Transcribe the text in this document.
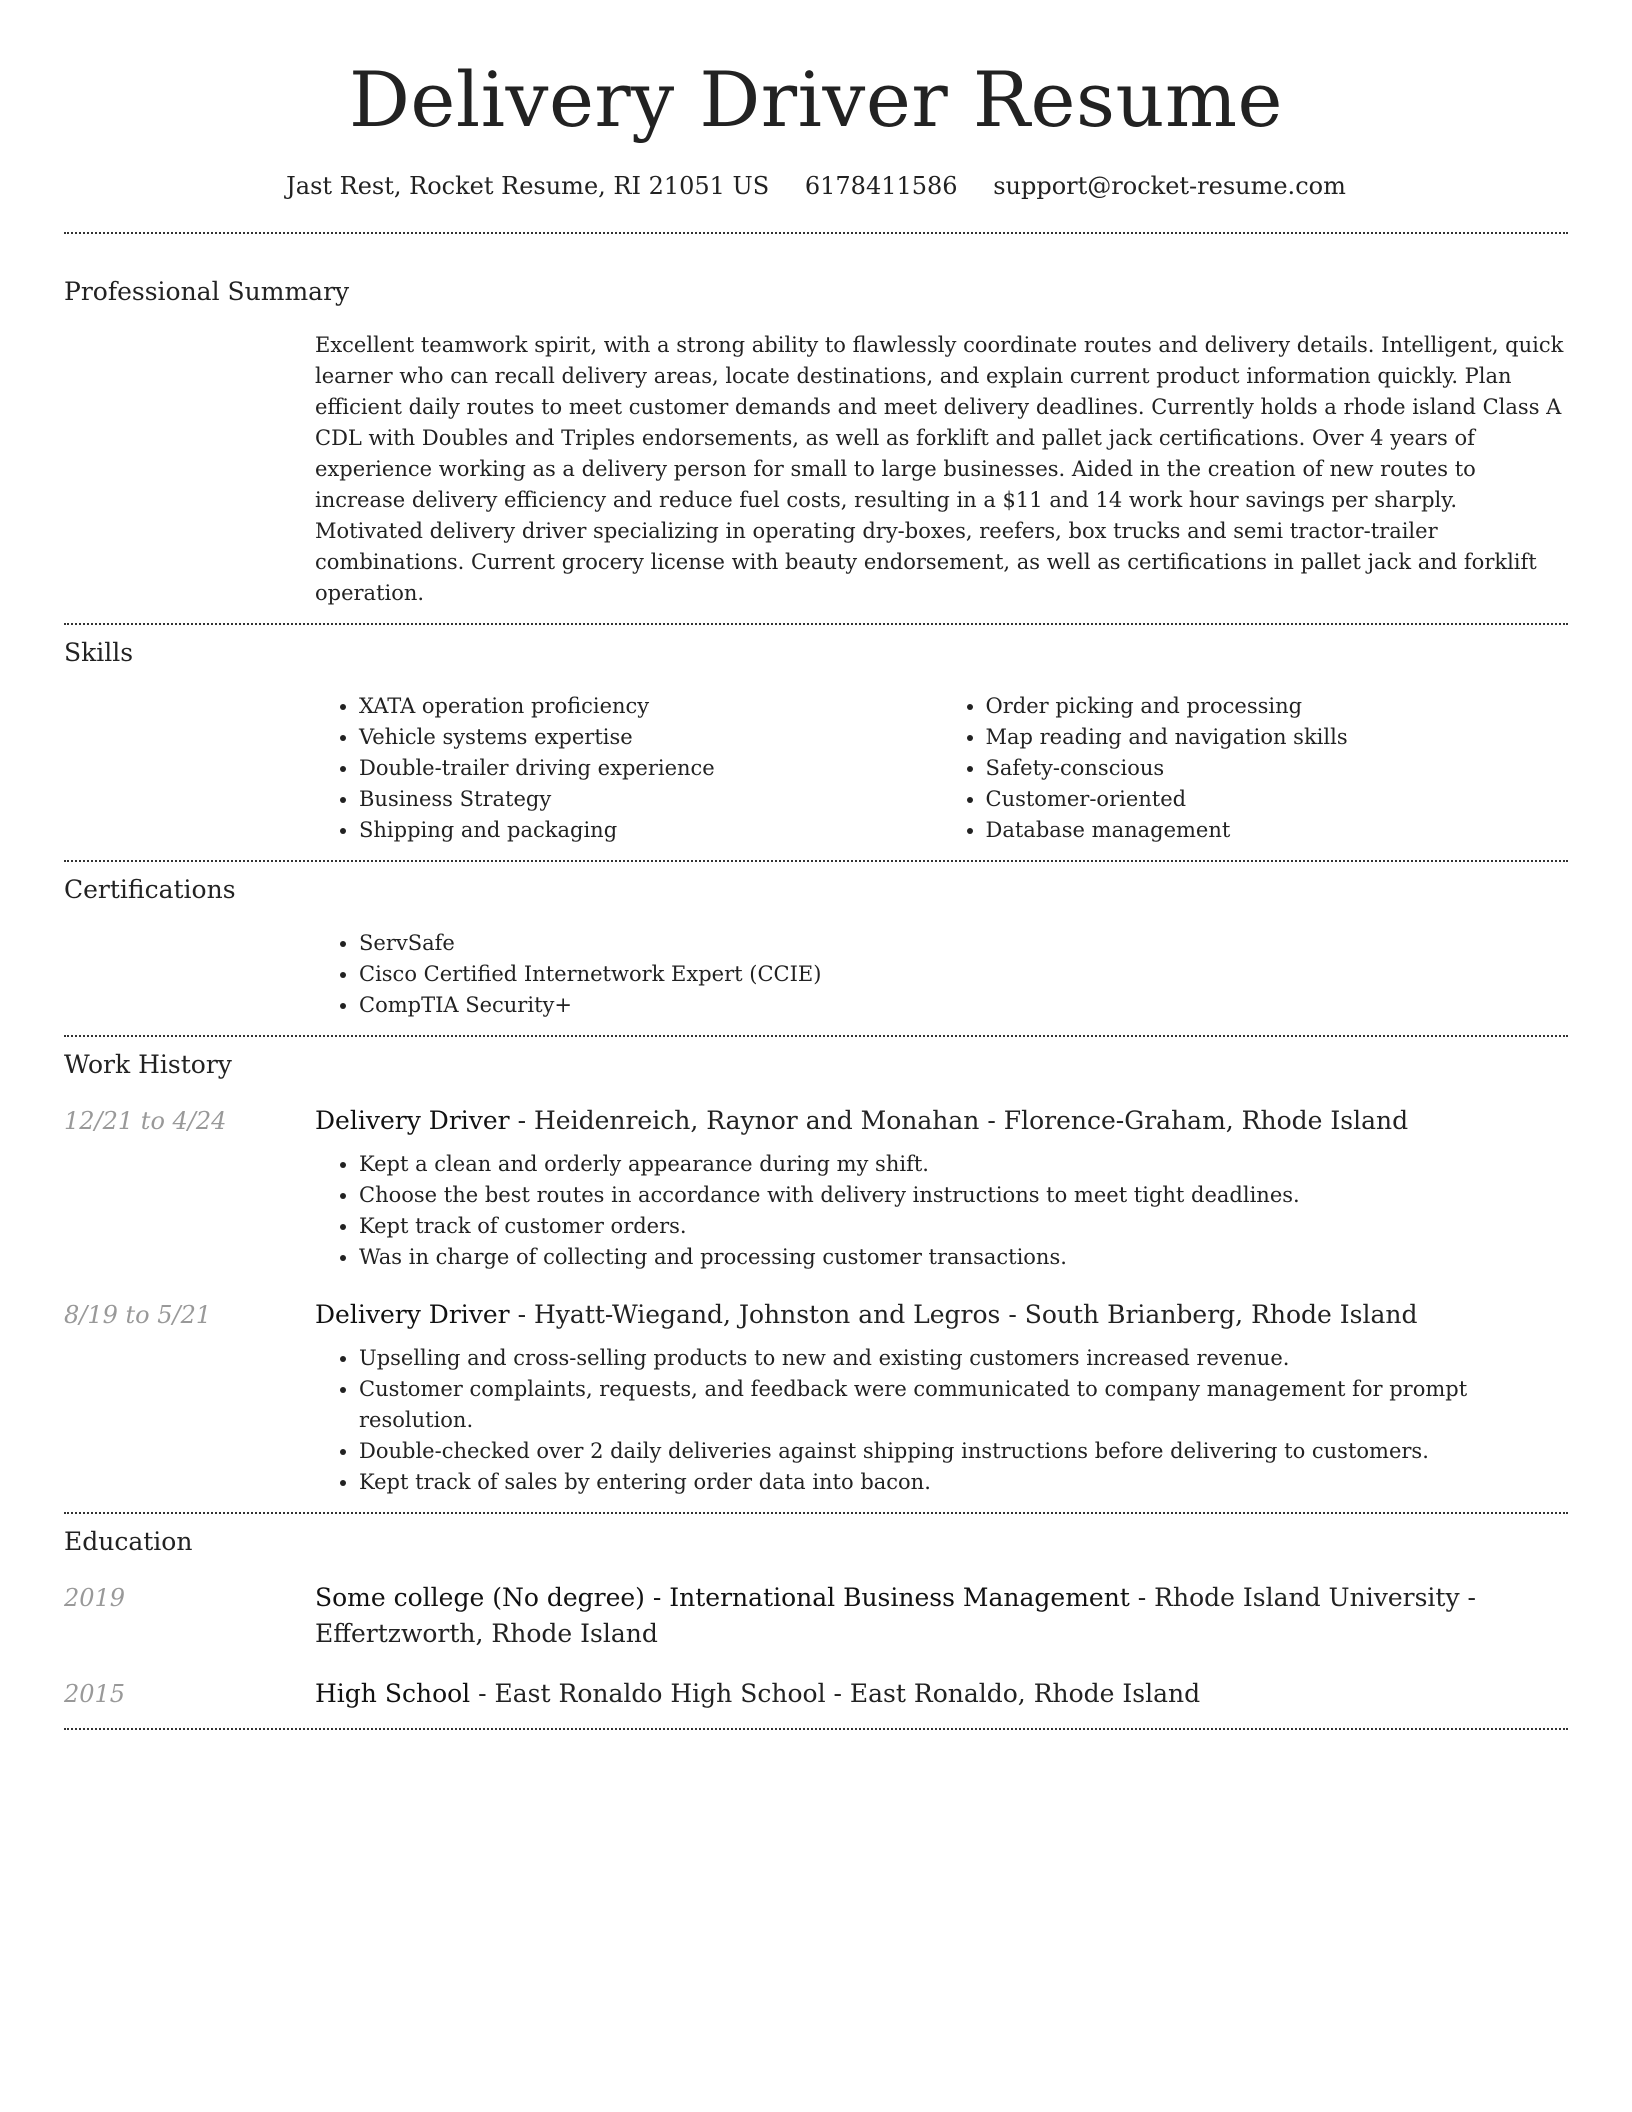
Delivery Driver Resume
Jast Rest, Rocket Resume, RI 21051 US 6178411586 support@rocket-resume.com
Professional Summary

Excellent teamwork spirit, with a strong ability to flawlessly coordinate routes and delivery details. Intelligent, quick learner who can recall delivery areas, locate destinations, and explain current product information quickly. Plan efficient daily routes to meet customer demands and meet delivery deadlines. Currently holds a rhode island Class A CDL with Doubles and Triples endorsements, as well as forklift and pallet jack certifications. Over 4 years of experience working as a delivery person for small to large businesses. Aided in the creation of new routes to increase delivery efficiency and reduce fuel costs, resulting in a $11 and 14 work hour savings per sharply. Motivated delivery driver specializing in operating dry-boxes, reefers, box trucks and semi tractor-trailer combinations. Current grocery license with beauty endorsement, as well as certifications in pallet jack and forklift operation.

Skills
• XATA operation proficiency
• Vehicle systems expertise
• Double-trailer driving experience
• Business Strategy
• Shipping and packaging
• Order picking and processing
• Map reading and navigation skills
• Safety-conscious
• Customer-oriented
• Database management
Certifications
• ServSafe
• Cisco Certified Internetwork Expert (CCIE)
• CompTIA Security+
Work History
12/21 to 4/24	Delivery Driver - Heidenreich, Raynor and Monahan - Florence-Graham, Rhode Island
• Kept a clean and orderly appearance during my shift.
• Choose the best routes in accordance with delivery instructions to meet tight deadlines.
• Kept track of customer orders.
• Was in charge of collecting and processing customer transactions.
8/19 to 5/21	Delivery Driver - Hyatt-Wiegand, Johnston and Legros - South Brianberg, Rhode Island
• Upselling and cross-selling products to new and existing customers increased revenue.
• Customer complaints, requests, and feedback were communicated to company management for prompt resolution.
• Double-checked over 2 daily deliveries against shipping instructions before delivering to customers.
• Kept track of sales by entering order data into bacon.
Education
2019	Some college (No degree) - International Business Management - Rhode Island University - Effertzworth, Rhode Island
2015	High School - East Ronaldo High School - East Ronaldo, Rhode Island
